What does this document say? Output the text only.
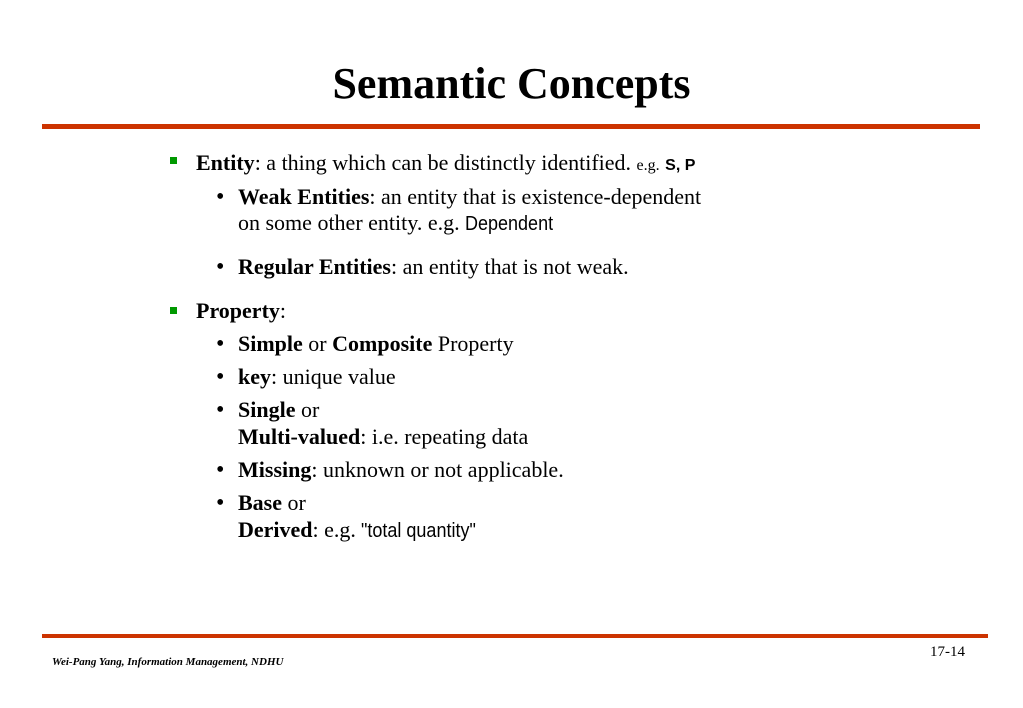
Semantic Concepts
Entity: a thing which can be distinctly identified. e.g. S, P
• Weak Entities: an entity that is existence-dependent
on some other entity. e.g. Dependent
• Regular Entities: an entity that is not weak.
Property:
• Simple or Composite Property
• key: unique value
• Single or
Multi-valued: i.e. repeating data
• Missing: unknown or not applicable.
• Base or
Derived: e.g. "total quantity"
Wei-Pang Yang, Information Management, NDHU
17-14
